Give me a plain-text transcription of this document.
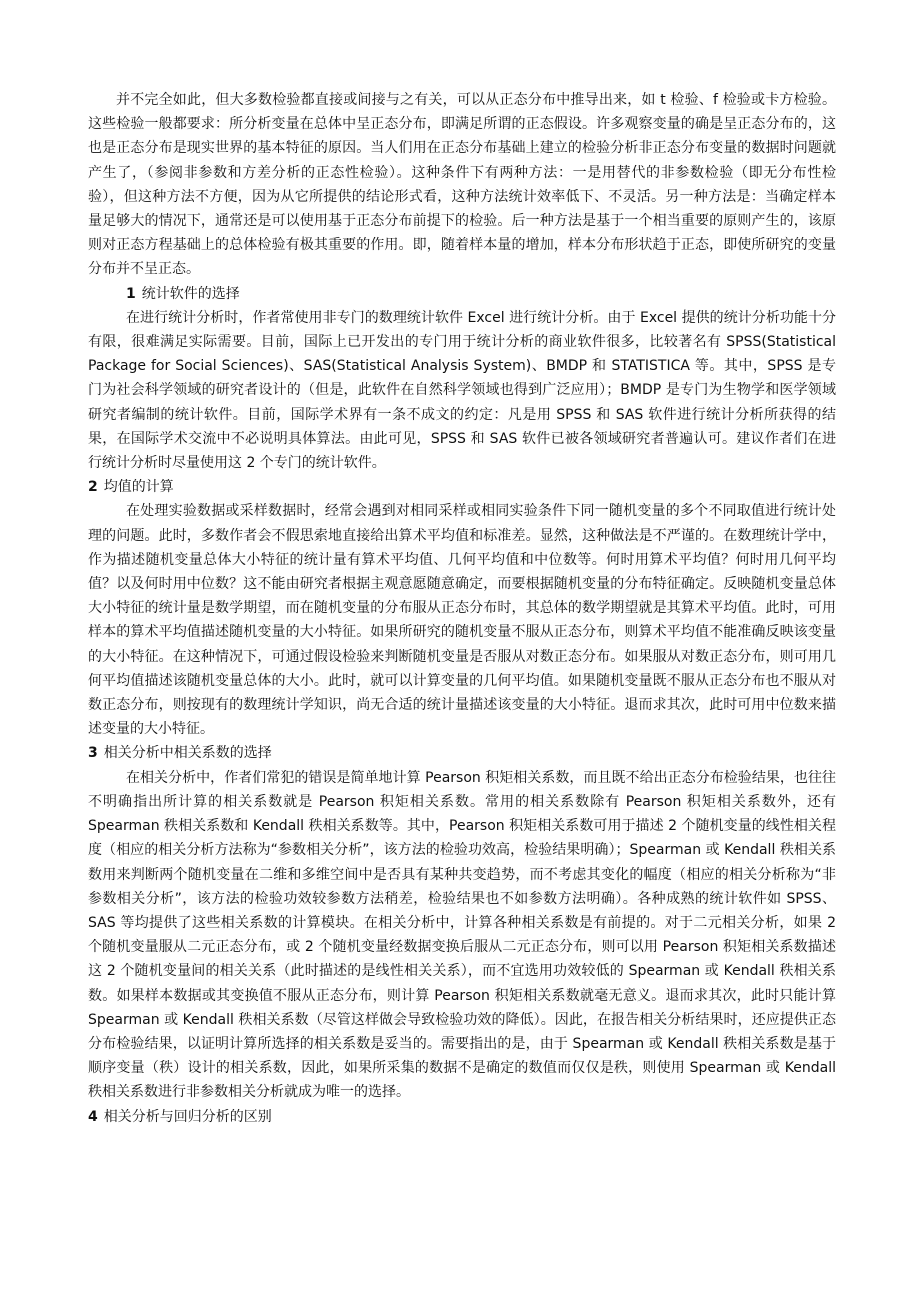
并不完全如此，但大多数检验都直接或间接与之有关，可以从正态分布中推导出来，如 t 检验、f 检验或卡方检验。这些检验一般都要求：所分析变量在总体中呈正态分布，即满足所谓的正态假设。许多观察变量的确是呈正态分布的，这也是正态分布是现实世界的基本特征的原因。当人们用在正态分布基础上建立的检验分析非正态分布变量的数据时问题就产生了，（参阅非参数和方差分析的正态性检验）。这种条件下有两种方法：一是用替代的非参数检验（即无分布性检验），但这种方法不方便，因为从它所提供的结论形式看，这种方法统计效率低下、不灵活。另一种方法是：当确定样本量足够大的情况下，通常还是可以使用基于正态分布前提下的检验。后一种方法是基于一个相当重要的原则产生的，该原则对正态方程基础上的总体检验有极其重要的作用。即，随着样本量的增加，样本分布形状趋于正态，即使所研究的变量分布并不呈正态。

1 统计软件的选择

在进行统计分析时，作者常使用非专门的数理统计软件 Excel 进行统计分析。由于 Excel 提供的统计分析功能十分有限，很难满足实际需要。目前，国际上已开发出的专门用于统计分析的商业软件很多，比较著名有 SPSS(Statistical Package for Social Sciences)、SAS(Statistical Analysis System)、BMDP 和 STATISTICA 等。其中，SPSS 是专门为社会科学领域的研究者设计的（但是，此软件在自然科学领域也得到广泛应用）；BMDP 是专门为生物学和医学领域研究者编制的统计软件。目前，国际学术界有一条不成文的约定：凡是用 SPSS 和 SAS 软件进行统计分析所获得的结果，在国际学术交流中不必说明具体算法。由此可见，SPSS 和 SAS 软件已被各领域研究者普遍认可。建议作者们在进行统计分析时尽量使用这 2 个专门的统计软件。

2 均值的计算

在处理实验数据或采样数据时，经常会遇到对相同采样或相同实验条件下同一随机变量的多个不同取值进行统计处理的问题。此时，多数作者会不假思索地直接给出算术平均值和标准差。显然，这种做法是不严谨的。在数理统计学中，作为描述随机变量总体大小特征的统计量有算术平均值、几何平均值和中位数等。何时用算术平均值？何时用几何平均值？以及何时用中位数？这不能由研究者根据主观意愿随意确定，而要根据随机变量的分布特征确定。反映随机变量总体大小特征的统计量是数学期望，而在随机变量的分布服从正态分布时，其总体的数学期望就是其算术平均值。此时，可用样本的算术平均值描述随机变量的大小特征。如果所研究的随机变量不服从正态分布，则算术平均值不能准确反映该变量的大小特征。在这种情况下，可通过假设检验来判断随机变量是否服从对数正态分布。如果服从对数正态分布，则可用几何平均值描述该随机变量总体的大小。此时，就可以计算变量的几何平均值。如果随机变量既不服从正态分布也不服从对数正态分布，则按现有的数理统计学知识，尚无合适的统计量描述该变量的大小特征。退而求其次，此时可用中位数来描述变量的大小特征。

3 相关分析中相关系数的选择

在相关分析中，作者们常犯的错误是简单地计算 Pearson 积矩相关系数，而且既不给出正态分布检验结果，也往往不明确指出所计算的相关系数就是 Pearson 积矩相关系数。常用的相关系数除有 Pearson 积矩相关系数外，还有 Spearman 秩相关系数和 Kendall 秩相关系数等。其中，Pearson 积矩相关系数可用于描述 2 个随机变量的线性相关程度（相应的相关分析方法称为“参数相关分析”，该方法的检验功效高，检验结果明确）；Spearman 或 Kendall 秩相关系数用来判断两个随机变量在二维和多维空间中是否具有某种共变趋势，而不考虑其变化的幅度（相应的相关分析称为“非参数相关分析”，该方法的检验功效较参数方法稍差，检验结果也不如参数方法明确）。各种成熟的统计软件如 SPSS、SAS 等均提供了这些相关系数的计算模块。在相关分析中，计算各种相关系数是有前提的。对于二元相关分析，如果 2 个随机变量服从二元正态分布，或 2 个随机变量经数据变换后服从二元正态分布，则可以用 Pearson 积矩相关系数描述这 2 个随机变量间的相关关系（此时描述的是线性相关关系），而不宜选用功效较低的 Spearman 或 Kendall 秩相关系数。如果样本数据或其变换值不服从正态分布，则计算 Pearson 积矩相关系数就毫无意义。退而求其次，此时只能计算 Spearman 或 Kendall 秩相关系数（尽管这样做会导致检验功效的降低）。因此，在报告相关分析结果时，还应提供正态分布检验结果，以证明计算所选择的相关系数是妥当的。需要指出的是，由于 Spearman 或 Kendall 秩相关系数是基于顺序变量（秩）设计的相关系数，因此，如果所采集的数据不是确定的数值而仅仅是秩，则使用 Spearman 或 Kendall 秩相关系数进行非参数相关分析就成为唯一的选择。

4 相关分析与回归分析的区别
